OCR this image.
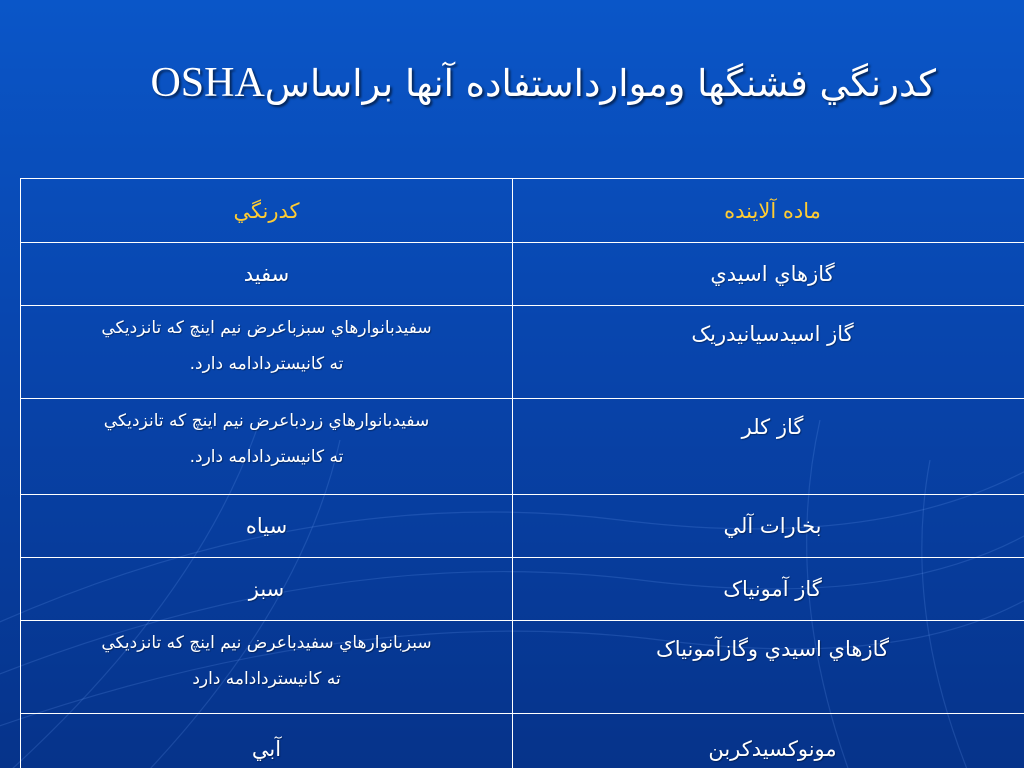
OSHAكدرنگي فشنگها وموارداستفاده آنها براساس
كدرنگي	ماده آلاينده
سفيد	گازهاي اسيدي

سفيدبانوارهاي سبزباعرض نيم اينچ كه تانزديكي
ته كانيستردادامه دارد.	گاز اسيدسيانيدريک

سفيدبانوارهاي زردباعرض نيم اينچ كه تانزديكي
ته كانيستردادامه دارد.	گاز كلر
سياه	بخارات آلي
سبز	گاز آمونياک

سبزبانوارهاي سفيدباعرض نيم اينچ كه تانزديكي
ته كانيستردادامه دارد	گازهاي اسيدي وگازآمونياک
آبي	مونوكسيدكربن
